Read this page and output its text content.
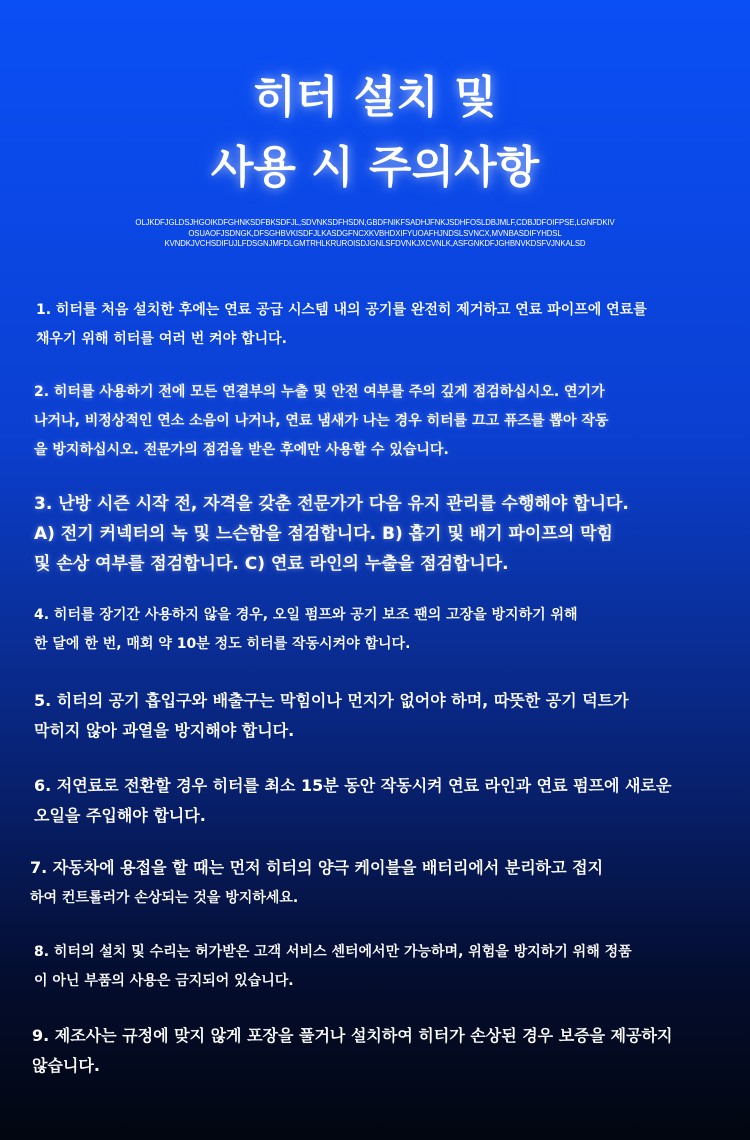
히터 설치 및
사용 시 주의사항
OLJKDFJGLDSJHGOIKDFGHNKSDFBKSDFJL,SDVNKSDFHSDN,GBDFNIKFSADHJFNKJSDHFOSLDBJMLF,CDBJDFOIFPSE,LGNFDKIV
OSUAOFJSDNGK,DFSGHBVKISDFJLKASDGFNCXKVBHDXIFYUOAFHJNDSLSVNCX,MVNBASDIFYHDSL
KVNDKJVCHSDIFUJLFDSGNJMFDLGMTRHLKRUROISDJGNLSFDVNKJXCVNLK,ASFGNKDFJGHBNVKDSFVJNKALSD
1. 히터를 처음 설치한 후에는 연료 공급 시스템 내의 공기를 완전히 제거하고 연료 파이프에 연료를
채우기 위해 히터를 여러 번 켜야 합니다.
2. 히터를 사용하기 전에 모든 연결부의 누출 및 안전 여부를 주의 깊게 점검하십시오. 연기가
나거나, 비정상적인 연소 소음이 나거나, 연료 냄새가 나는 경우 히터를 끄고 퓨즈를 뽑아 작동
을 방지하십시오. 전문가의 점검을 받은 후에만 사용할 수 있습니다.
3. 난방 시즌 시작 전, 자격을 갖춘 전문가가 다음 유지 관리를 수행해야 합니다.
A) 전기 커넥터의 녹 및 느슨함을 점검합니다. B) 흡기 및 배기 파이프의 막힘
및 손상 여부를 점검합니다. C) 연료 라인의 누출을 점검합니다.
4. 히터를 장기간 사용하지 않을 경우, 오일 펌프와 공기 보조 팬의 고장을 방지하기 위해
한 달에 한 번, 매회 약 10분 정도 히터를 작동시켜야 합니다.
5. 히터의 공기 흡입구와 배출구는 막힘이나 먼지가 없어야 하며, 따뜻한 공기 덕트가
막히지 않아 과열을 방지해야 합니다.
6. 저연료로 전환할 경우 히터를 최소 15분 동안 작동시켜 연료 라인과 연료 펌프에 새로운
오일을 주입해야 합니다.
7. 자동차에 용접을 할 때는 먼저 히터의 양극 케이블을 배터리에서 분리하고 접지
하여 컨트롤러가 손상되는 것을 방지하세요.
8. 히터의 설치 및 수리는 허가받은 고객 서비스 센터에서만 가능하며, 위험을 방지하기 위해 정품
이 아닌 부품의 사용은 금지되어 있습니다.
9. 제조사는 규정에 맞지 않게 포장을 풀거나 설치하여 히터가 손상된 경우 보증을 제공하지
않습니다.
